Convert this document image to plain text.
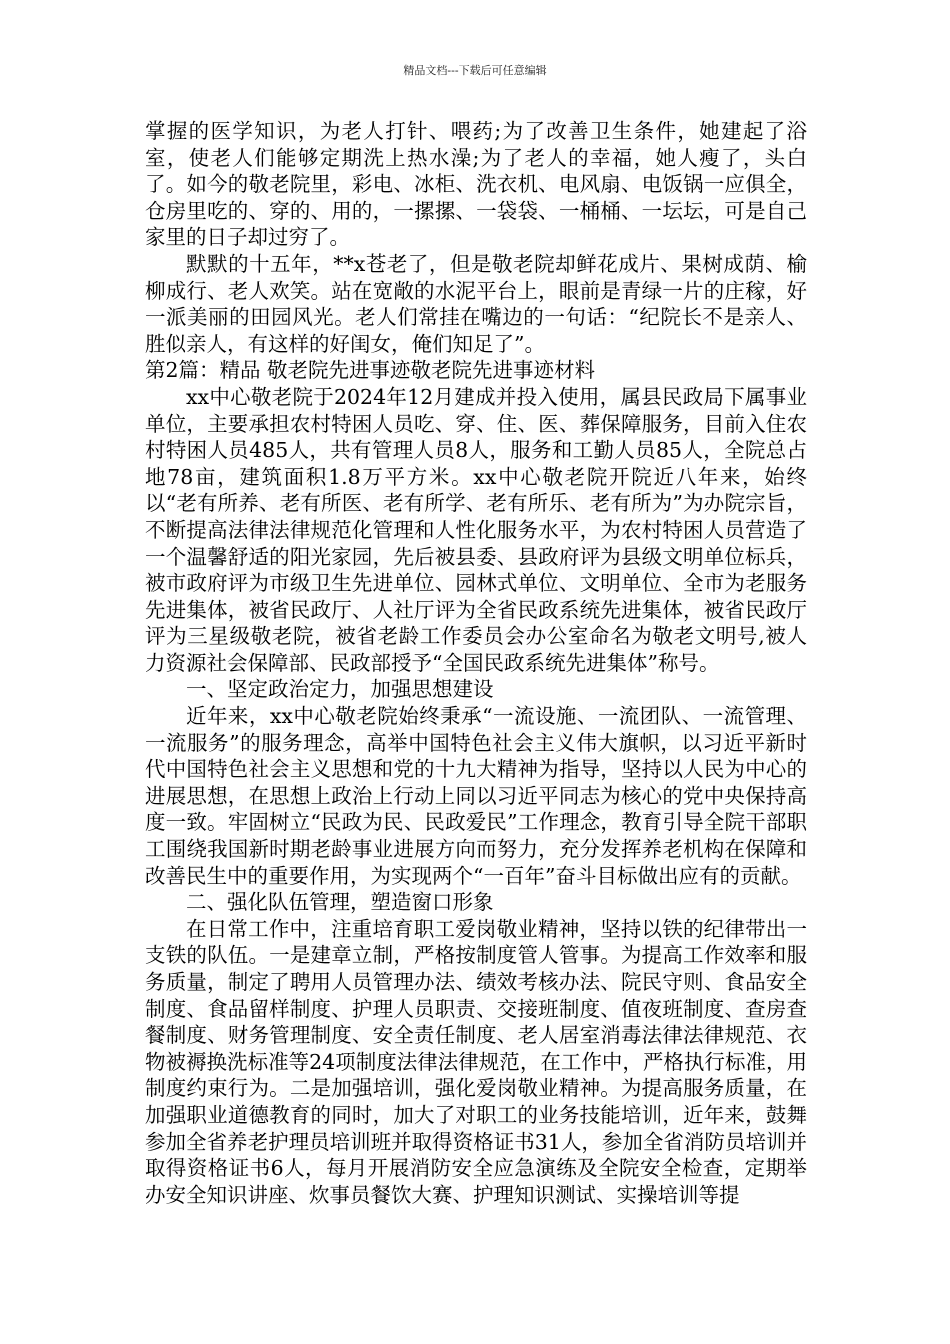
精品文档---下载后可任意编辑

掌握的医学知识，为老人打针、喂药;为了改善卫生条件，她建起了浴室，使老人们能够定期洗上热水澡;为了老人的幸福，她人瘦了，头白了。如今的敬老院里，彩电、冰柜、洗衣机、电风扇、电饭锅一应俱全，仓房里吃的、穿的、用的，一摞摞、一袋袋、一桶桶、一坛坛，可是自己家里的日子却过穷了。

默默的十五年，**x苍老了，但是敬老院却鲜花成片、果树成荫、榆柳成行、老人欢笑。站在宽敞的水泥平台上，眼前是青绿一片的庄稼，好一派美丽的田园风光。老人们常挂在嘴边的一句话：“纪院长不是亲人、胜似亲人，有这样的好闺女，俺们知足了”。

第2篇：精品 敬老院先进事迹敬老院先进事迹材料

xx中心敬老院于2024年12月建成并投入使用，属县民政局下属事业单位，主要承担农村特困人员吃、穿、住、医、葬保障服务，目前入住农村特困人员485人，共有管理人员8人，服务和工勤人员85人，全院总占地78亩，建筑面积1.8万平方米。xx中心敬老院开院近八年来，始终以“老有所养、老有所医、老有所学、老有所乐、老有所为”为办院宗旨，不断提高法律法律规范化管理和人性化服务水平，为农村特困人员营造了一个温馨舒适的阳光家园，先后被县委、县政府评为县级文明单位标兵，被市政府评为市级卫生先进单位、园林式单位、文明单位、全市为老服务先进集体，被省民政厅、人社厅评为全省民政系统先进集体，被省民政厅评为三星级敬老院，被省老龄工作委员会办公室命名为敬老文明号,被人力资源社会保障部、民政部授予“全国民政系统先进集体”称号。

一、坚定政治定力，加强思想建设

近年来，xx中心敬老院始终秉承“一流设施、一流团队、一流管理、一流服务”的服务理念，高举中国特色社会主义伟大旗帜，以习近平新时代中国特色社会主义思想和党的十九大精神为指导，坚持以人民为中心的进展思想，在思想上政治上行动上同以习近平同志为核心的党中央保持高度一致。牢固树立“民政为民、民政爱民”工作理念，教育引导全院干部职工围绕我国新时期老龄事业进展方向而努力，充分发挥养老机构在保障和改善民生中的重要作用，为实现两个“一百年”奋斗目标做出应有的贡献。

二、强化队伍管理，塑造窗口形象

在日常工作中，注重培育职工爱岗敬业精神，坚持以铁的纪律带出一支铁的队伍。一是建章立制，严格按制度管人管事。为提高工作效率和服务质量，制定了聘用人员管理办法、绩效考核办法、院民守则、食品安全制度、食品留样制度、护理人员职责、交接班制度、值夜班制度、查房查餐制度、财务管理制度、安全责任制度、老人居室消毒法律法律规范、衣物被褥换洗标准等24项制度法律法律规范，在工作中，严格执行标准，用制度约束行为。二是加强培训，强化爱岗敬业精神。为提高服务质量，在加强职业道德教育的同时，加大了对职工的业务技能培训，近年来，鼓舞参加全省养老护理员培训班并取得资格证书31人，参加全省消防员培训并取得资格证书6人，每月开展消防安全应急演练及全院安全检查，定期举办安全知识讲座、炊事员餐饮大赛、护理知识测试、实操培训等提
